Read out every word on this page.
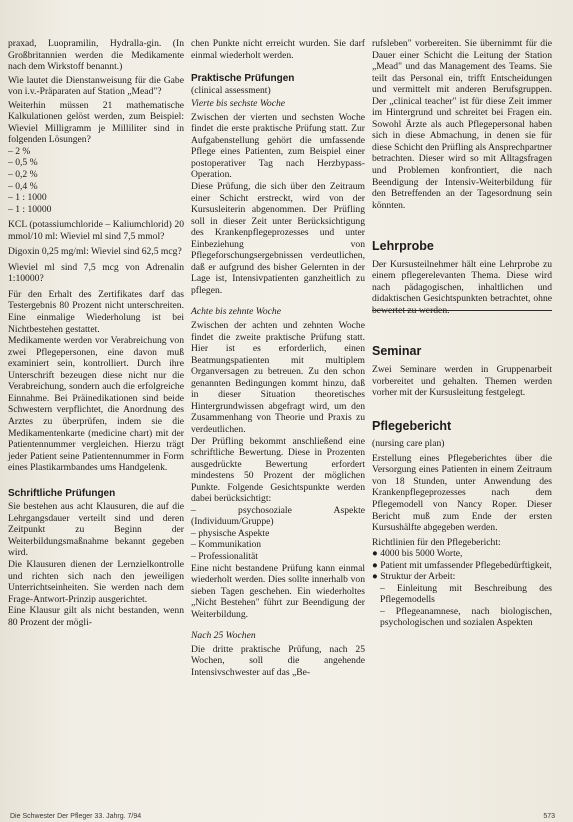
praxad, Luopramilin, Hydralla-gin. (In Großbritannien werden die Medikamente nach dem Wirkstoff benannt.)
Wie lautet die Dienstanweisung für die Gabe von i.v.-Präparaten auf Station „Mead"?
Weiterhin müssen 21 mathematische Kalkulationen gelöst werden, zum Beispiel: Wieviel Milligramm je Milliliter sind in folgenden Lösungen?
– 2 %
– 0,5 %
– 0,2 %
– 0,4 %
– 1 : 1000
– 1 : 10000
KCL (potassiumchloride – Kaliumchlorid) 20 mmol/10 ml: Wieviel ml sind 7,5 mmol?
Digoxin 0,25 mg/ml: Wieviel sind 62,5 mcg?
Wieviel ml sind 7,5 mcg von Adrenalin 1:10000?
Für den Erhalt des Zertifikates darf das Testergebnis 80 Prozent nicht unterschreiten. Eine einmalige Wiederholung ist bei Nichtbestehen gestattet.
Medikamente werden vor Verabreichung von zwei Pflegepersonen, eine davon muß examiniert sein, kontrolliert. Durch ihre Unterschrift bezeugen diese nicht nur die Verabreichung, sondern auch die erfolgreiche Einnahme. Bei Präinedikationen sind beide Schwestern verpflichtet, die Anordnung des Arztes zu überprüfen, indem sie die Medikamentenkarte (medicine chart) mit der Patientennummer vergleichen. Hierzu trägt jeder Patient seine Patientennummer in Form eines Plastikarmbandes ums Handgelenk.
Schriftliche Prüfungen
Sie bestehen aus acht Klausuren, die auf die Lehrgangsdauer verteilt sind und deren Zeitpunkt zu Beginn der Weiterbildungsmaßnahme bekannt gegeben wird.
Die Klausuren dienen der Lernzielkontrolle und richten sich nach den jeweiligen Unterrichtseinheiten. Sie werden nach dem Frage-Antwort-Prinzip ausgerichtet.
Eine Klausur gilt als nicht bestanden, wenn 80 Prozent der mögli-
chen Punkte nicht erreicht wurden. Sie darf einmal wiederholt werden.
Praktische Prüfungen
(clinical assessment)
Vierte bis sechste Woche
Zwischen der vierten und sechsten Woche findet die erste praktische Prüfung statt. Zur Aufgabenstellung gehört die umfassende Pflege eines Patienten, zum Beispiel einer postoperativer Tag nach Herzbypass-Operation.
Diese Prüfung, die sich über den Zeitraum einer Schicht erstreckt, wird von der Kursusleiterin abgenommen. Der Prüfling soll in dieser Zeit unter Berücksichtigung des Krankenpflegeprozesses und unter Einbeziehung von Pflegeforschungsergebnissen verdeutlichen, daß er aufgrund des bisher Gelernten in der Lage ist, Intensivpatienten ganzheitlich zu pflegen.
Achte bis zehnte Woche
Zwischen der achten und zehnten Woche findet die zweite praktische Prüfung statt. Hier ist es erforderlich, einen Beatmungspatienten mit multiplem Organversagen zu betreuen. Zu den schon genannten Bedingungen kommt hinzu, daß in dieser Situation theoretisches Hintergrundwissen abgefragt wird, um den Zusammenhang von Theorie und Praxis zu verdeutlichen.
Der Prüfling bekommt anschließend eine schriftliche Bewertung. Diese in Prozenten ausgedrückte Bewertung erfordert mindestens 50 Prozent der möglichen Punkte. Folgende Gesichtspunkte werden dabei berücksichtigt:
– psychosoziale Aspekte (Individuum/Gruppe)
– physische Aspekte
– Kommunikation
– Professionalität
Eine nicht bestandene Prüfung kann einmal wiederholt werden. Dies sollte innerhalb von sieben Tagen geschehen. Ein wiederholtes „Nicht Bestehen" führt zur Beendigung der Weiterbildung.
Nach 25 Wochen
Die dritte praktische Prüfung, nach 25 Wochen, soll die angehende Intensivschwester auf das „Be-
rufsleben" vorbereiten. Sie übernimmt für die Dauer einer Schicht die Leitung der Station „Mead" und das Management des Teams. Sie teilt das Personal ein, trifft Entscheidungen und vermittelt mit anderen Berufsgruppen. Der „clinical teacher" ist für diese Zeit immer im Hintergrund und schreitet bei Fragen ein. Sowohl Ärzte als auch Pflegepersonal haben sich in diese Abmachung, in denen sie für diese Schicht den Prüfling als Ansprechpartner betrachten. Dieser wird so mit Alltagsfragen und Problemen konfrontiert, die nach Beendigung der Intensiv-Weiterbildung für den Betreffenden an der Tagesordnung sein könnten.
Lehrprobe
Der Kursusteilnehmer hält eine Lehrprobe zu einem pflegerelevanten Thema. Diese wird nach pädagogischen, inhaltlichen und didaktischen Gesichtspunkten betrachtet, ohne
Seminar
Zwei Seminare werden in Gruppenarbeit vorbereitet und gehalten. Themen werden vorher mit der Kursusleitung festgelegt.
Pflegebericht
(nursing care plan)
Erstellung eines Pflegeberichtes über die Versorgung eines Patienten in einem Zeitraum von 18 Stunden, unter Anwendung des Krankenpflegeprozesses nach dem Pflegemodell von Nancy Roper. Dieser Bericht muß zum Ende der ersten Kursushälfte abgegeben werden.
Richtlinien für den Pflegebericht:
● 4000 bis 5000 Worte,
● Patient mit umfassender Pflegebedürftigkeit,
● Struktur der Arbeit:
– Einleitung mit Beschreibung des Pflegemodells
– Pflegeanamnese, nach biologischen, psychologischen und sozialen Aspekten
Die Schwester Der Pfleger 33. Jahrg. 7/94	573
